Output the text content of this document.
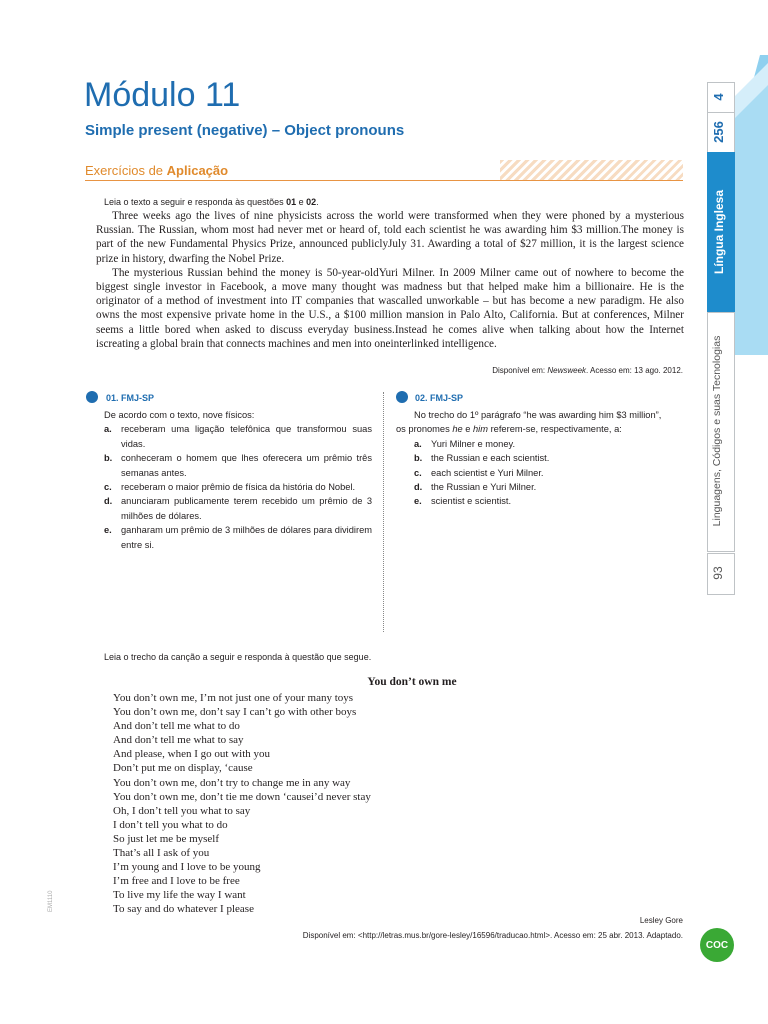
Módulo 11
Simple present (negative) – Object pronouns
Exercícios de Aplicação
Leia o texto a seguir e responda às questões 01 e 02.

Three weeks ago the lives of nine physicists across the world were transformed when they were phoned by a mysterious Russian. The Russian, whom most had never met or heard of, told each scientist he was awarding him $3 million.The money is part of the new Fundamental Physics Prize, announced publiclyJuly 31. Awarding a total of $27 million, it is the largest science prize in history, dwarfing the Nobel Prize.

The mysterious Russian behind the money is 50-year-oldYuri Milner. In 2009 Milner came out of nowhere to become the biggest single investor in Facebook, a move many thought was madness but that helped make him a billionaire. He is the originator of a method of investment into IT companies that wascalled unworkable – but has become a new paradigm. He also owns the most expensive private home in the U.S., a $100 million mansion in Palo Alto, California. But at conferences, Milner seems a little bored when asked to discuss everyday business.Instead he comes alive when talking about how the Internet iscreating a global brain that connects machines and men into oneinterlinked intelligence.

Disponível em: Newsweek. Acesso em: 13 ago. 2012.
01. FMJ-SP
De acordo com o texto, nove físicos:
a. receberam uma ligação telefônica que transformou suas vidas.
b. conheceram o homem que lhes oferecera um prêmio três semanas antes.
c. receberam o maior prêmio de física da história do Nobel.
d. anunciaram publicamente terem recebido um prêmio de 3 milhões de dólares.
e. ganharam um prêmio de 3 milhões de dólares para dividirem entre si.
02. FMJ-SP
No trecho do 1º parágrafo “he was awarding him $3 million”,
os pronomes he e him referem-se, respectivamente, a:
a. Yuri Milner e money.
b. the Russian e each scientist.
c. each scientist e Yuri Milner.
d. the Russian e Yuri Milner.
e. scientist e scientist.
Leia o trecho da canção a seguir e responda à questão que segue.
You don’t own me
You don’t own me, I’m not just one of your many toys
You don’t own me, don’t say I can’t go with other boys
And don’t tell me what to do
And don’t tell me what to say
And please, when I go out with you
Don’t put me on display, ‘cause
You don’t own me, don’t try to change me in any way
You don’t own me, don’t tie me down ‘causei’d never stay
Oh, I don’t tell you what to say
I don’t tell you what to do
So just let me be myself
That’s all I ask of you
I’m young and I love to be young
I’m free and I love to be free
To live my life the way I want
To say and do whatever I please
Lesley Gore
Disponível em: <http://letras.mus.br/gore-lesley/16596/traducao.html>. Acesso em: 25 abr. 2013. Adaptado.
EM1110
4
256
Língua Inglesa
Linguagens, Códigos e suas Tecnologias
93
COC
